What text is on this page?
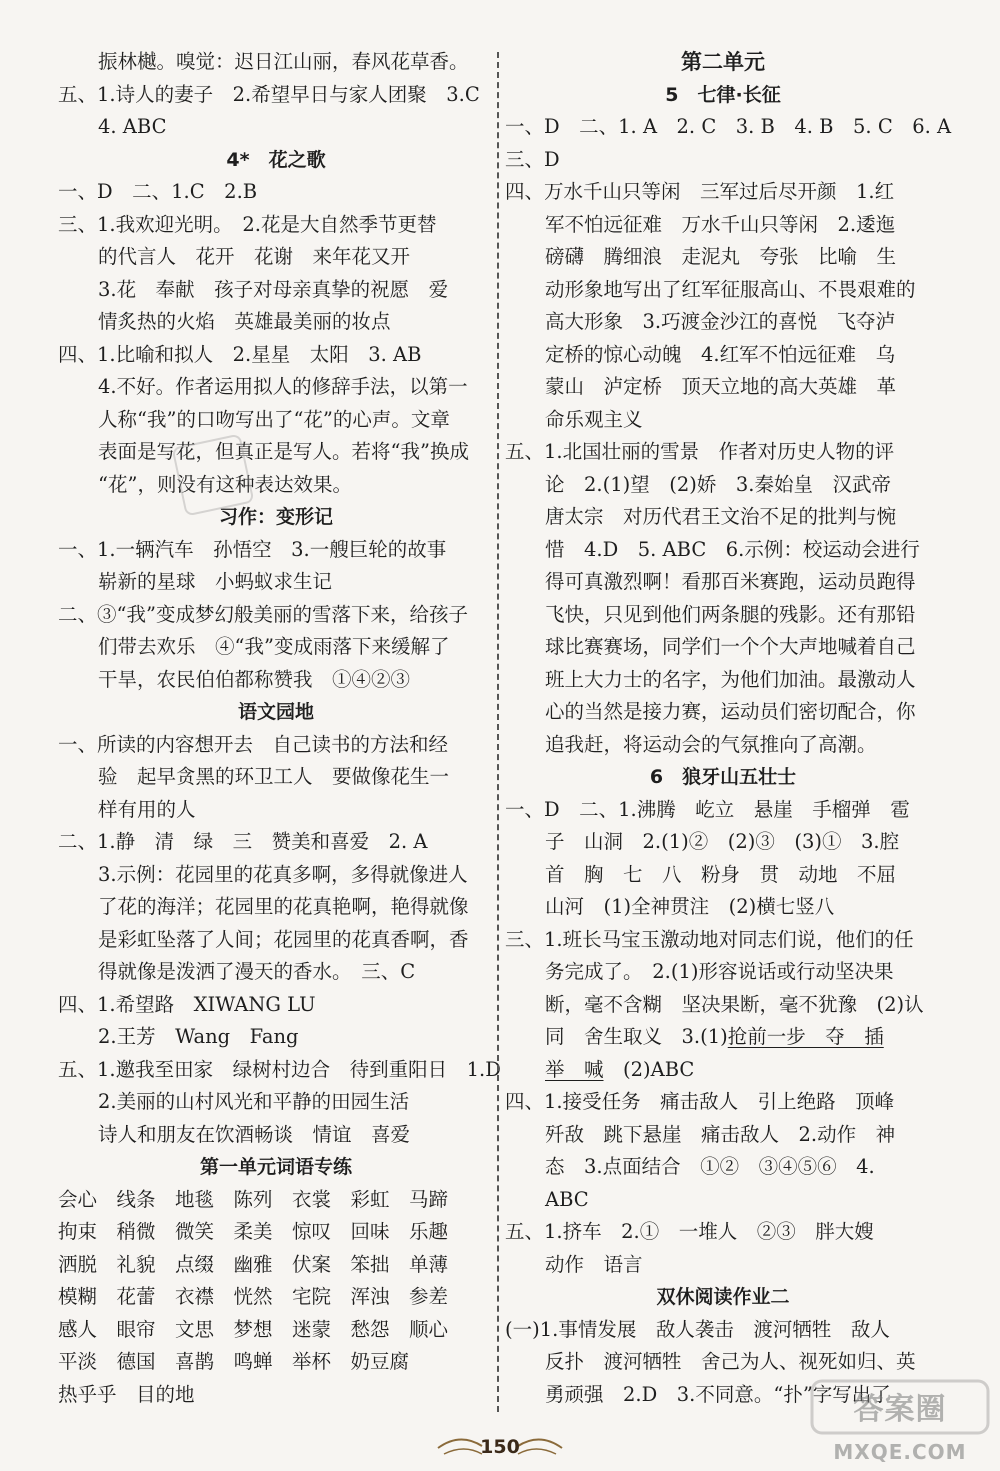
振林樾。嗅觉：迟日江山丽，春风花草香。
五、1.诗人的妻子　2.希望早日与家人团聚　3.C
4. ABC
4*　花之歌
一、D　二、1.C　2.B
三、1.我欢迎光明。　2.花是大自然季节更替
的代言人　花开　花谢　来年花又开
3.花　奉献　孩子对母亲真挚的祝愿　爱
情炙热的火焰　英雄最美丽的妆点
四、1.比喻和拟人　2.星星　太阳　3. AB
4.不好。作者运用拟人的修辞手法，以第一
人称“我”的口吻写出了“花”的心声。文章
表面是写花，但真正是写人。若将“我”换成
“花”，则没有这种表达效果。
习作：变形记
一、1.一辆汽车　孙悟空　3.一艘巨轮的故事
崭新的星球　小蚂蚁求生记
二、③“我”变成梦幻般美丽的雪落下来，给孩子
们带去欢乐　④“我”变成雨落下来缓解了
干旱，农民伯伯都称赞我　①④②③
语文园地
一、所读的内容想开去　自己读书的方法和经
验　起早贪黑的环卫工人　要做像花生一
样有用的人
二、1.静　清　绿　三　赞美和喜爱　2. A
3.示例：花园里的花真多啊，多得就像进人
了花的海洋；花园里的花真艳啊，艳得就像
是彩虹坠落了人间；花园里的花真香啊，香
得就像是泼洒了漫天的香水。　三、C
四、1.希望路　XIWANG LU
2.王芳　Wang　Fang
五、1.邀我至田家　绿树村边合　待到重阳日　1.D
2.美丽的山村风光和平静的田园生活
诗人和朋友在饮酒畅谈　情谊　喜爱
第一单元词语专练
会心　线条　地毯　陈列　衣裳　彩虹　马蹄
拘束　稍微　微笑　柔美　惊叹　回味　乐趣
洒脱　礼貌　点缀　幽雅　伏案　笨拙　单薄
模糊　花蕾　衣襟　恍然　宅院　浑浊　参差
感人　眼帘　文思　梦想　迷蒙　愁怨　顺心
平淡　德国　喜鹊　鸣蝉　举杯　奶豆腐
热乎乎　目的地
第二单元
5　七律·长征
一、D　二、1. A　2. C　3. B　4. B　5. C　6. A
三、D
四、万水千山只等闲　三军过后尽开颜　1.红
军不怕远征难　万水千山只等闲　2.逶迤
磅礴　腾细浪　走泥丸　夸张　比喻　生
动形象地写出了红军征服高山、不畏艰难的
高大形象　3.巧渡金沙江的喜悦　飞夺泸
定桥的惊心动魄　4.红军不怕远征难　乌
蒙山　泸定桥　顶天立地的高大英雄　革
命乐观主义
五、1.北国壮丽的雪景　作者对历史人物的评
论　2.(1)望　(2)娇　3.秦始皇　汉武帝
唐太宗　对历代君王文治不足的批判与惋
惜　4.D　5. ABC　6.示例：校运动会进行
得可真激烈啊！看那百米赛跑，运动员跑得
飞快，只见到他们两条腿的残影。还有那铅
球比赛赛场，同学们一个个大声地喊着自己
班上大力士的名字，为他们加油。最激动人
心的当然是接力赛，运动员们密切配合，你
追我赶，将运动会的气氛推向了高潮。
6　狼牙山五壮士
一、D　二、1.沸腾　屹立　悬崖　手榴弹　雹
子　山洞　2.(1)②　(2)③　(3)①　3.腔
首　胸　七　八　粉身　贯　动地　不屈
山河　(1)全神贯注　(2)横七竖八
三、1.班长马宝玉激动地对同志们说，他们的任
务完成了。　2.(1)形容说话或行动坚决果
断，毫不含糊　坚决果断，毫不犹豫　(2)认
同　舍生取义　3.(1)抢前一步　夺　插
举　喊　(2)ABC
四、1.接受任务　痛击敌人　引上绝路　顶峰
歼敌　跳下悬崖　痛击敌人　2.动作　神
态　3.点面结合　①②　③④⑤⑥　4.
ABC
五、1.挤车　2.①　一堆人　②③　胖大嫂
动作　语言
双休阅读作业二
(一)1.事情发展　敌人袭击　渡河牺牲　敌人
反扑　渡河牺牲　舍己为人、视死如归、英
勇顽强　2.D　3.不同意。“扑”字写出了
150
答案圈
MXQE.COM
